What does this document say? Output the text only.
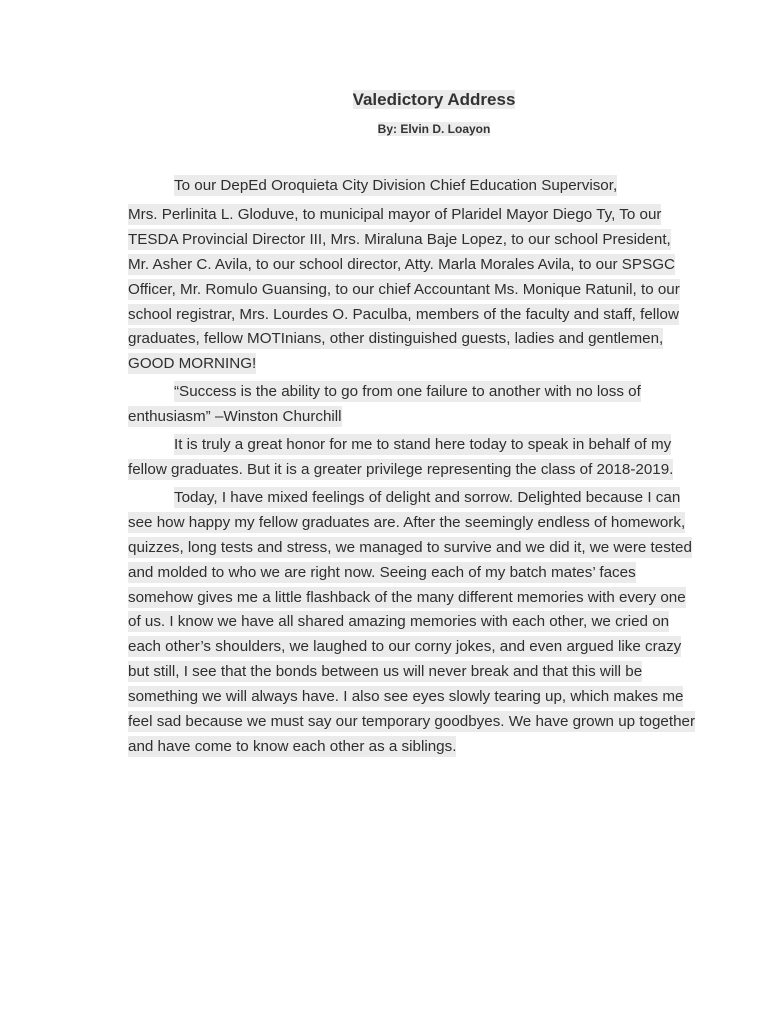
Valedictory Address
By: Elvin D. Loayon

To our DepEd Oroquieta City Division Chief Education Supervisor,

Mrs. Perlinita L. Gloduve, to municipal mayor of Plaridel Mayor Diego Ty, To our TESDA Provincial Director III, Mrs. Miraluna Baje Lopez, to our school President, Mr. Asher C. Avila, to our school director, Atty. Marla Morales Avila, to our SPSGC Officer, Mr. Romulo Guansing, to our chief Accountant Ms. Monique Ratunil, to our school registrar, Mrs. Lourdes O. Paculba, members of the faculty and staff, fellow graduates, fellow MOTInians, other distinguished guests, ladies and gentlemen, GOOD MORNING!

“Success is the ability to go from one failure to another with no loss of enthusiasm” –Winston Churchill

It is truly a great honor for me to stand here today to speak in behalf of my fellow graduates. But it is a greater privilege representing the class of 2018-2019.

Today, I have mixed feelings of delight and sorrow. Delighted because I can see how happy my fellow graduates are. After the seemingly endless of homework, quizzes, long tests and stress, we managed to survive and we did it, we were tested and molded to who we are right now. Seeing each of my batch mates’ faces somehow gives me a little flashback of the many different memories with every one of us. I know we have all shared amazing memories with each other, we cried on each other’s shoulders, we laughed to our corny jokes, and even argued like crazy but still, I see that the bonds between us will never break and that this will be something we will always have. I also see eyes slowly tearing up, which makes me feel sad because we must say our temporary goodbyes. We have grown up together and have come to know each other as a siblings.
